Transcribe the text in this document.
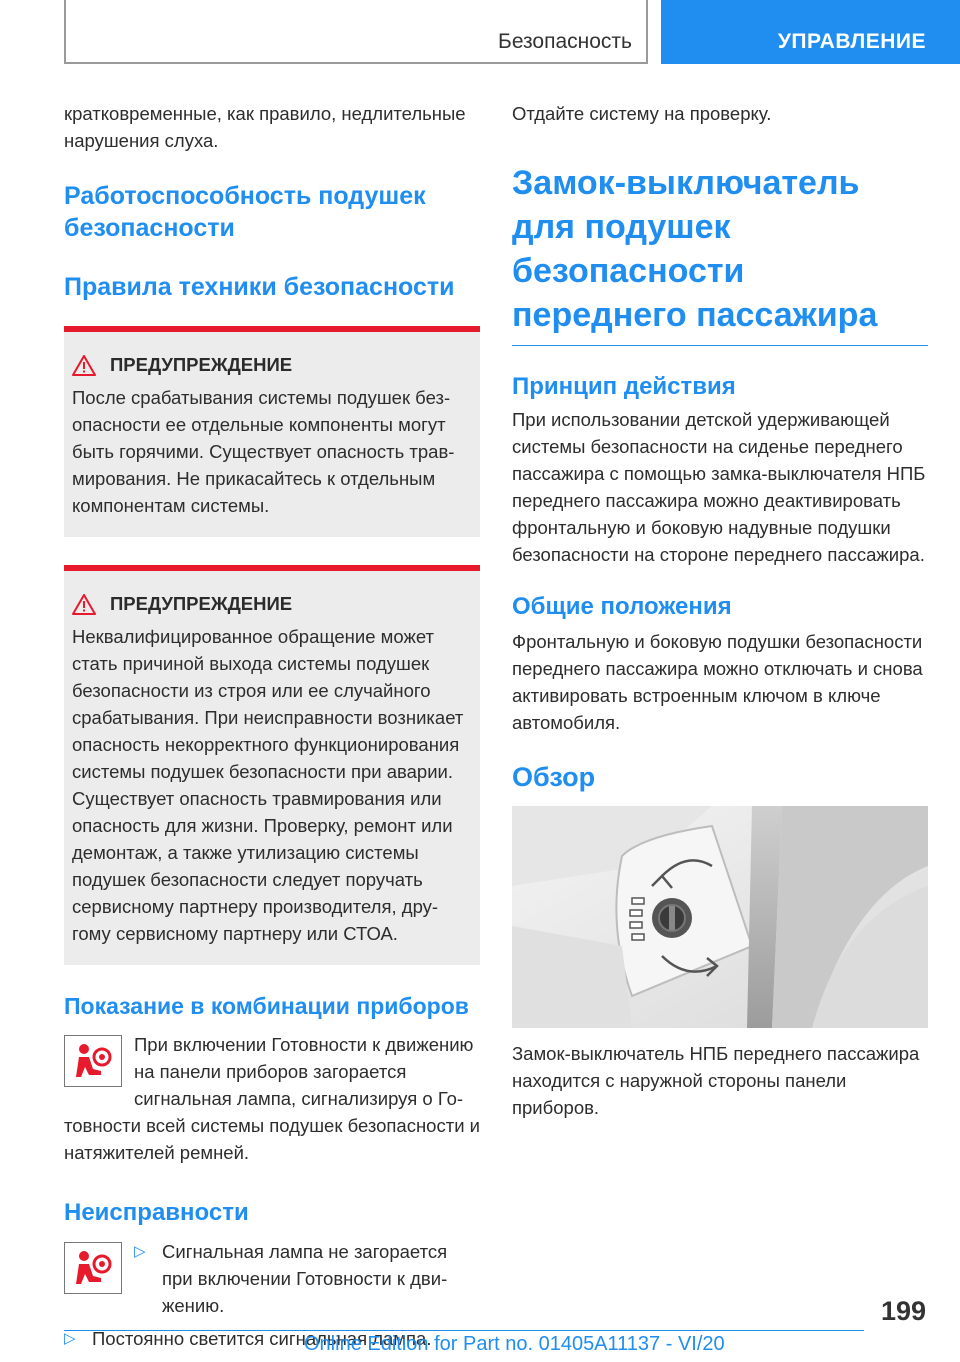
Безопасность	УПРАВЛЕНИЕ

кратковременные, как правило, недлительные нарушения слуха.

Работоспособность подушек безопасности
Правила техники безопасности
ПРЕДУПРЕЖДЕНИЕ

После срабатывания системы подушек безопасности ее отдельные компоненты могут быть горячими. Существует опасность травмирования. Не прикасайтесь к отдельным компонентам системы.

ПРЕДУПРЕЖДЕНИЕ

Неквалифицированное обращение может стать причиной выхода системы подушек безопасности из строя или ее случайного срабатывания. При неисправности возникает опасность некорректного функционирования системы подушек безопасности при аварии. Существует опасность травмирования или опасность для жизни. Проверку, ремонт или демонтаж, а также утилизацию системы подушек безопасности следует поручать сервисному партнеру производителя, другому сервисному партнеру или СТОА.

Показание в комбинации приборов

При включении Готовности к движению на панели приборов загорается сигнальная лампа, сигнализируя о Готовности всей системы подушек безопасности и натяжителей ремней.

Неисправности
▷ Сигнальная лампа не загорается при включении Готовности к движению.

▷ Постоянно светится сигнальная лампа.

Отдайте систему на проверку.

Замок-выключатель для подушек безопасности переднего пассажира
Принцип действия

При использовании детской удерживающей системы безопасности на сиденье переднего пассажира с помощью замка-выключателя НПБ переднего пассажира можно деактивировать фронтальную и боковую надувные подушки безопасности на стороне переднего пассажира.

Общие положения

Фронтальную и боковую подушки безопасности переднего пассажира можно отключать и снова активировать встроенным ключом в ключе автомобиля.

Обзор

Замок-выключатель НПБ переднего пассажира находится с наружной стороны панели приборов.

199
Online Edition for Part no. 01405A11137 - VI/20
